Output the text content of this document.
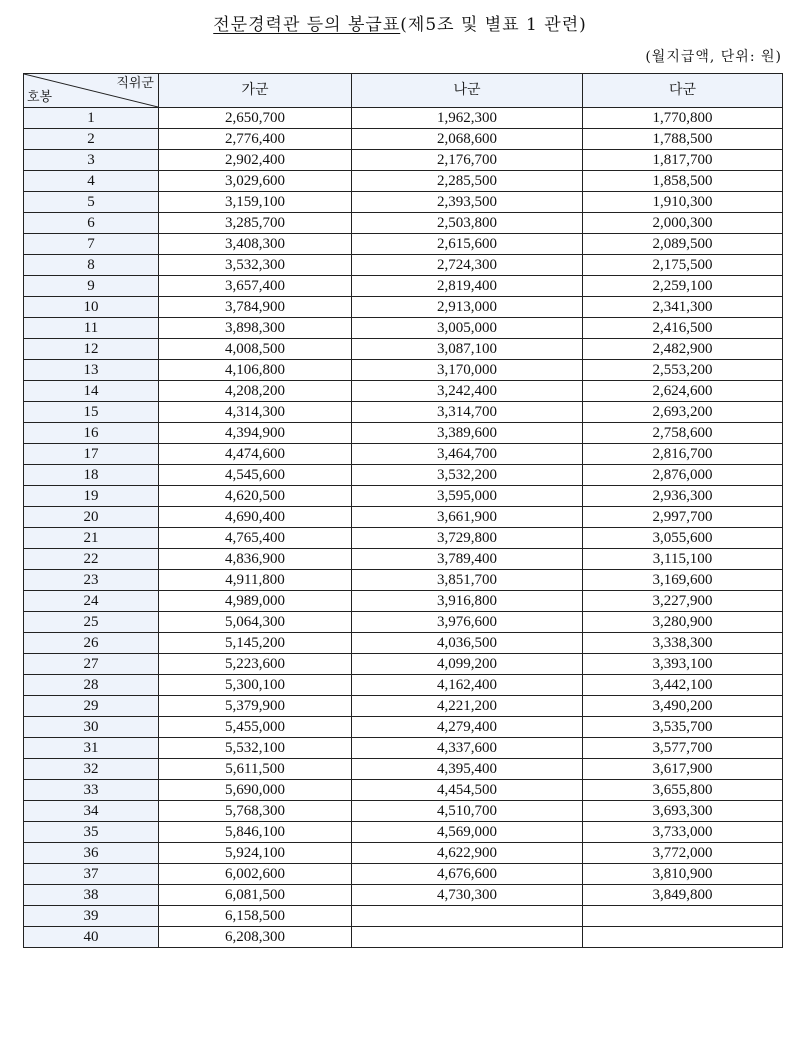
전문경력관 등의 봉급표(제5조 및 별표 1 관련)
(월지급액, 단위: 원)
직위군
호봉	가군	나군	다군
1	2,650,700	1,962,300	1,770,800
2	2,776,400	2,068,600	1,788,500
3	2,902,400	2,176,700	1,817,700
4	3,029,600	2,285,500	1,858,500
5	3,159,100	2,393,500	1,910,300
6	3,285,700	2,503,800	2,000,300
7	3,408,300	2,615,600	2,089,500
8	3,532,300	2,724,300	2,175,500
9	3,657,400	2,819,400	2,259,100
10	3,784,900	2,913,000	2,341,300
11	3,898,300	3,005,000	2,416,500
12	4,008,500	3,087,100	2,482,900
13	4,106,800	3,170,000	2,553,200
14	4,208,200	3,242,400	2,624,600
15	4,314,300	3,314,700	2,693,200
16	4,394,900	3,389,600	2,758,600
17	4,474,600	3,464,700	2,816,700
18	4,545,600	3,532,200	2,876,000
19	4,620,500	3,595,000	2,936,300
20	4,690,400	3,661,900	2,997,700
21	4,765,400	3,729,800	3,055,600
22	4,836,900	3,789,400	3,115,100
23	4,911,800	3,851,700	3,169,600
24	4,989,000	3,916,800	3,227,900
25	5,064,300	3,976,600	3,280,900
26	5,145,200	4,036,500	3,338,300
27	5,223,600	4,099,200	3,393,100
28	5,300,100	4,162,400	3,442,100
29	5,379,900	4,221,200	3,490,200
30	5,455,000	4,279,400	3,535,700
31	5,532,100	4,337,600	3,577,700
32	5,611,500	4,395,400	3,617,900
33	5,690,000	4,454,500	3,655,800
34	5,768,300	4,510,700	3,693,300
35	5,846,100	4,569,000	3,733,000
36	5,924,100	4,622,900	3,772,000
37	6,002,600	4,676,600	3,810,900
38	6,081,500	4,730,300	3,849,800
39	6,158,500		
40	6,208,300		
